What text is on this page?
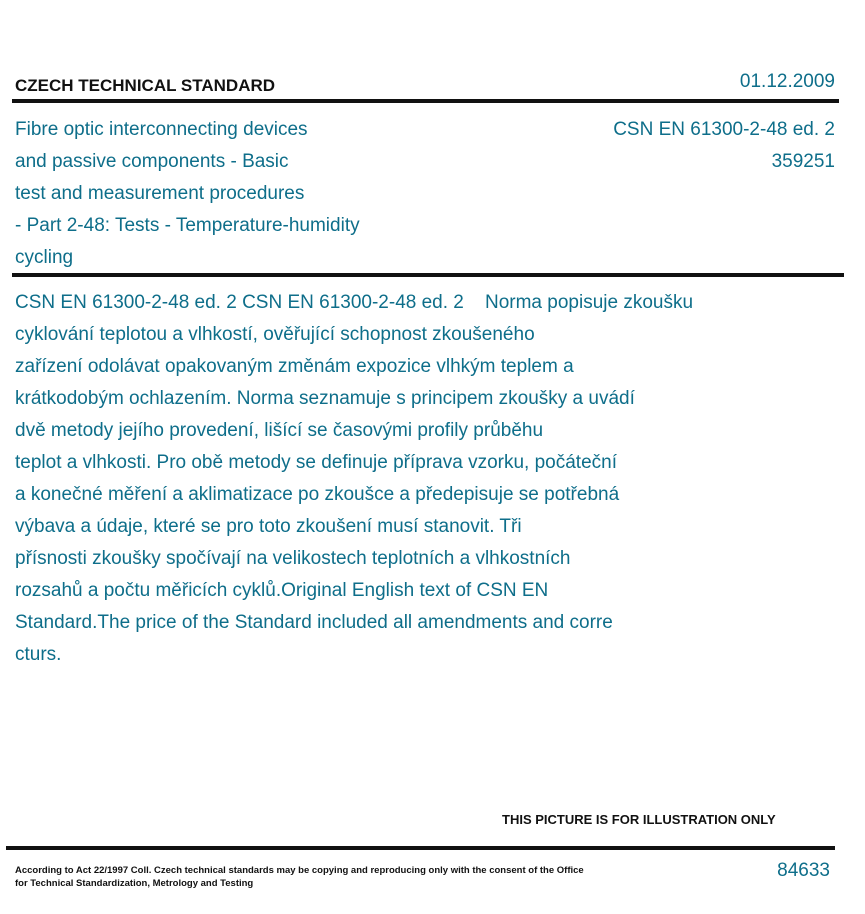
CZECH TECHNICAL STANDARD	01.12.2009
Fibre optic interconnecting devices
and passive components - Basic
test and measurement procedures
- Part 2-48: Tests - Temperature-humidity
cycling
CSN EN 61300-2-48 ed. 2
359251
CSN EN 61300-2-48 ed. 2 CSN EN 61300-2-48 ed. 2    Norma popisuje zkoušku
cyklování teplotou a vlhkostí, ověřující schopnost zkoušeného
zařízení odolávat opakovaným změnám expozice vlhkým teplem a
krátkodobým ochlazením. Norma seznamuje s principem zkoušky a uvádí
dvě metody jejího provedení, lišící se časovými profily průběhu
teplot a vlhkosti. Pro obě metody se definuje příprava vzorku, počáteční
a konečné měření a aklimatizace po zkoušce a předepisuje se potřebná
výbava a údaje, které se pro toto zkoušení musí stanovit. Tři
přísnosti zkoušky spočívají na velikostech teplotních a vlhkostních
rozsahů a počtu měřicích cyklů.Original English text of CSN EN
Standard.The price of the Standard included all amendments and corre
cturs.
THIS PICTURE IS FOR ILLUSTRATION ONLY
According to Act 22/1997 Coll. Czech technical standards may be copying and reproducing only with the consent of the Office
for Technical Standardization, Metrology and Testing
84633
